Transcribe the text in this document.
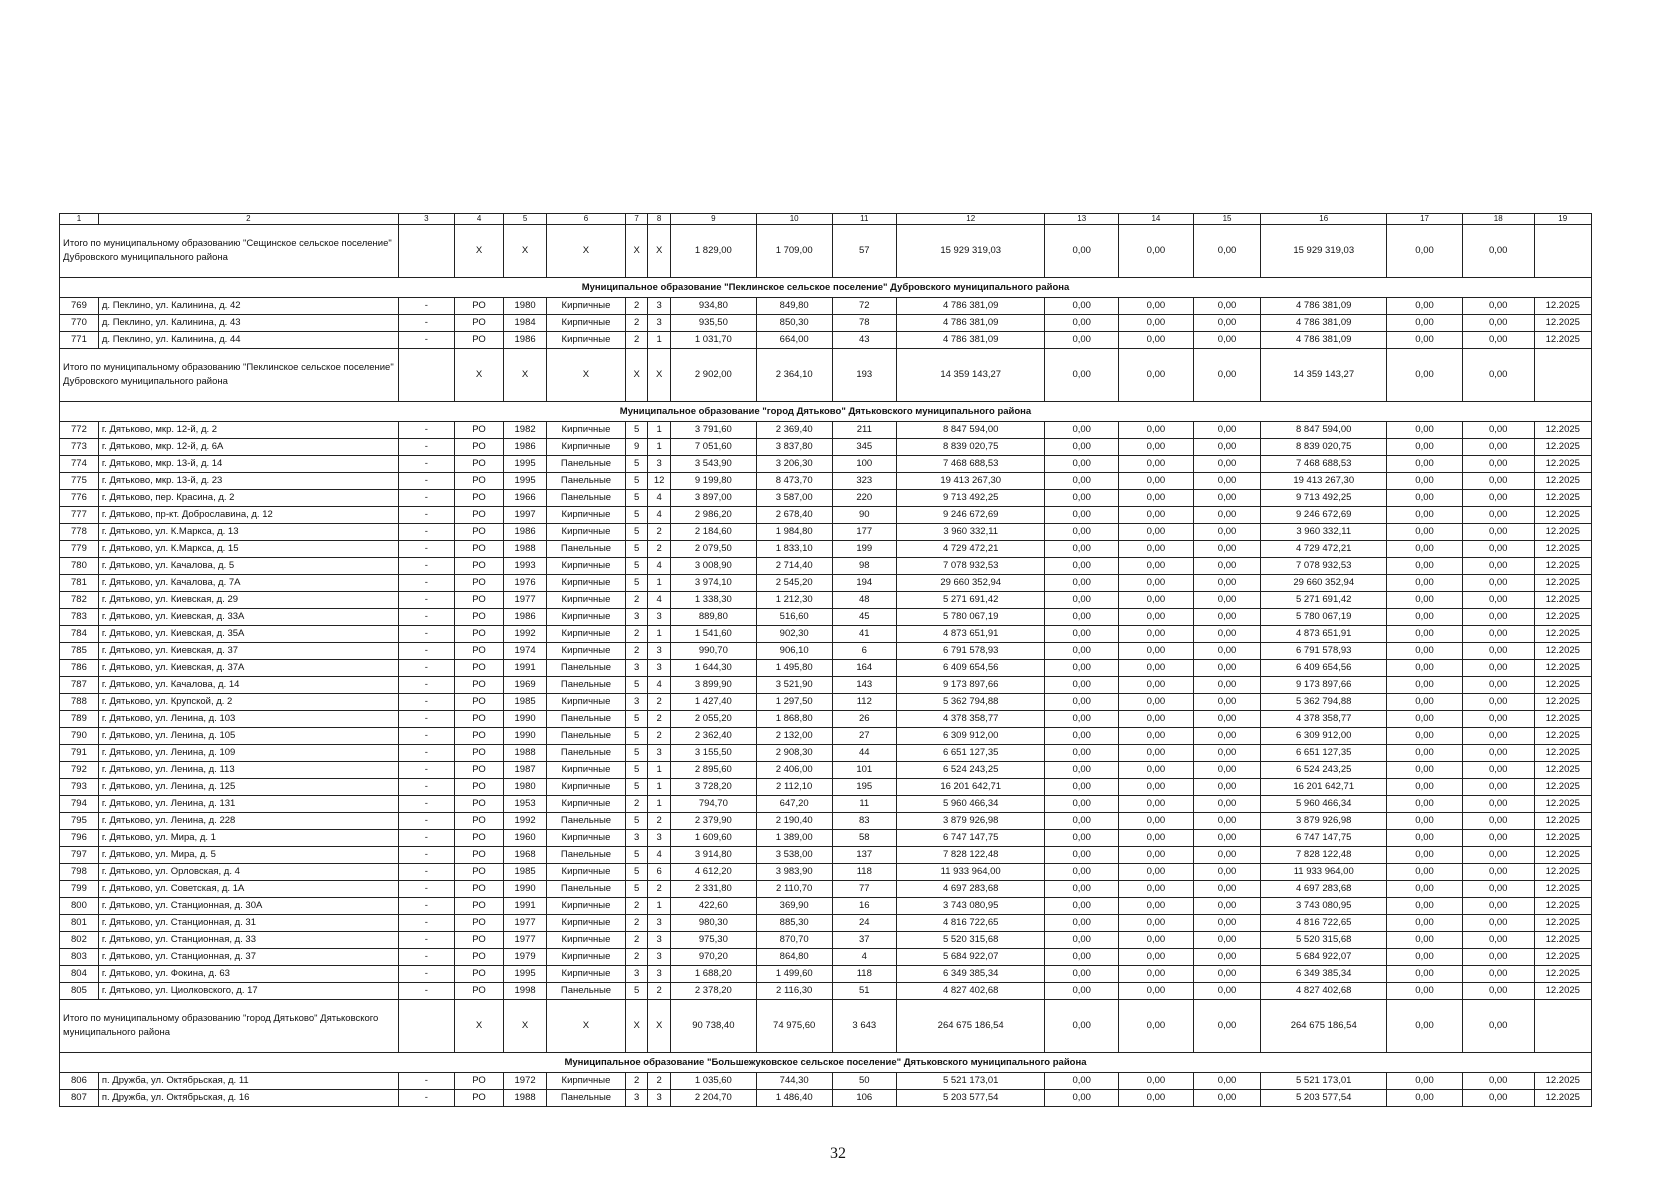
1	2	3	4	5	6	7	8	9	10	11	12	13	14	15	16	17	18	19
Итого по муниципальному образованию "Сещинское сельское поселение" Дубровского муниципального района			X	X	X	X	X	1 829,00	1 709,00	57	15 929 319,03	0,00	0,00	0,00	15 929 319,03	0,00	0,00	
Муниципальное образование "Пеклинское сельское поселение" Дубровского муниципального района																		
769	д. Пеклино, ул. Калинина, д. 42	-	РО	1980	Кирпичные	2	3	934,80	849,80	72	4 786 381,09	0,00	0,00	0,00	4 786 381,09	0,00	0,00	12.2025
770	д. Пеклино, ул. Калинина, д. 43	-	РО	1984	Кирпичные	2	3	935,50	850,30	78	4 786 381,09	0,00	0,00	0,00	4 786 381,09	0,00	0,00	12.2025
771	д. Пеклино, ул. Калинина, д. 44	-	РО	1986	Кирпичные	2	1	1 031,70	664,00	43	4 786 381,09	0,00	0,00	0,00	4 786 381,09	0,00	0,00	12.2025
Итого по муниципальному образованию "Пеклинское сельское поселение" Дубровского муниципального района			X	X	X	X	X	2 902,00	2 364,10	193	14 359 143,27	0,00	0,00	0,00	14 359 143,27	0,00	0,00	
Муниципальное образование "город Дятьково" Дятьковского муниципального района																		
772	г. Дятьково, мкр. 12-й, д. 2	-	РО	1982	Кирпичные	5	1	3 791,60	2 369,40	211	8 847 594,00	0,00	0,00	0,00	8 847 594,00	0,00	0,00	12.2025
773	г. Дятьково, мкр. 12-й, д. 6А	-	РО	1986	Кирпичные	9	1	7 051,60	3 837,80	345	8 839 020,75	0,00	0,00	0,00	8 839 020,75	0,00	0,00	12.2025
774	г. Дятьково, мкр. 13-й, д. 14	-	РО	1995	Панельные	5	3	3 543,90	3 206,30	100	7 468 688,53	0,00	0,00	0,00	7 468 688,53	0,00	0,00	12.2025
775	г. Дятьково, мкр. 13-й, д. 23	-	РО	1995	Панельные	5	12	9 199,80	8 473,70	323	19 413 267,30	0,00	0,00	0,00	19 413 267,30	0,00	0,00	12.2025
776	г. Дятьково, пер. Красина, д. 2	-	РО	1966	Панельные	5	4	3 897,00	3 587,00	220	9 713 492,25	0,00	0,00	0,00	9 713 492,25	0,00	0,00	12.2025
777	г. Дятьково, пр-кт. Доброславина, д. 12	-	РО	1997	Кирпичные	5	4	2 986,20	2 678,40	90	9 246 672,69	0,00	0,00	0,00	9 246 672,69	0,00	0,00	12.2025
778	г. Дятьково, ул. К.Маркса, д. 13	-	РО	1986	Кирпичные	5	2	2 184,60	1 984,80	177	3 960 332,11	0,00	0,00	0,00	3 960 332,11	0,00	0,00	12.2025
779	г. Дятьково, ул. К.Маркса, д. 15	-	РО	1988	Панельные	5	2	2 079,50	1 833,10	199	4 729 472,21	0,00	0,00	0,00	4 729 472,21	0,00	0,00	12.2025
780	г. Дятьково, ул. Качалова, д. 5	-	РО	1993	Кирпичные	5	4	3 008,90	2 714,40	98	7 078 932,53	0,00	0,00	0,00	7 078 932,53	0,00	0,00	12.2025
781	г. Дятьково, ул. Качалова, д. 7А	-	РО	1976	Кирпичные	5	1	3 974,10	2 545,20	194	29 660 352,94	0,00	0,00	0,00	29 660 352,94	0,00	0,00	12.2025
782	г. Дятьково, ул. Киевская, д. 29	-	РО	1977	Кирпичные	2	4	1 338,30	1 212,30	48	5 271 691,42	0,00	0,00	0,00	5 271 691,42	0,00	0,00	12.2025
783	г. Дятьково, ул. Киевская, д. 33А	-	РО	1986	Кирпичные	3	3	889,80	516,60	45	5 780 067,19	0,00	0,00	0,00	5 780 067,19	0,00	0,00	12.2025
784	г. Дятьково, ул. Киевская, д. 35А	-	РО	1992	Кирпичные	2	1	1 541,60	902,30	41	4 873 651,91	0,00	0,00	0,00	4 873 651,91	0,00	0,00	12.2025
785	г. Дятьково, ул. Киевская, д. 37	-	РО	1974	Кирпичные	2	3	990,70	906,10	6	6 791 578,93	0,00	0,00	0,00	6 791 578,93	0,00	0,00	12.2025
786	г. Дятьково, ул. Киевская, д. 37А	-	РО	1991	Панельные	3	3	1 644,30	1 495,80	164	6 409 654,56	0,00	0,00	0,00	6 409 654,56	0,00	0,00	12.2025
787	г. Дятьково, ул. Качалова, д. 14	-	РО	1969	Панельные	5	4	3 899,90	3 521,90	143	9 173 897,66	0,00	0,00	0,00	9 173 897,66	0,00	0,00	12.2025
788	г. Дятьково, ул. Крупской, д. 2	-	РО	1985	Кирпичные	3	2	1 427,40	1 297,50	112	5 362 794,88	0,00	0,00	0,00	5 362 794,88	0,00	0,00	12.2025
789	г. Дятьково, ул. Ленина, д. 103	-	РО	1990	Панельные	5	2	2 055,20	1 868,80	26	4 378 358,77	0,00	0,00	0,00	4 378 358,77	0,00	0,00	12.2025
790	г. Дятьково, ул. Ленина, д. 105	-	РО	1990	Панельные	5	2	2 362,40	2 132,00	27	6 309 912,00	0,00	0,00	0,00	6 309 912,00	0,00	0,00	12.2025
791	г. Дятьково, ул. Ленина, д. 109	-	РО	1988	Панельные	5	3	3 155,50	2 908,30	44	6 651 127,35	0,00	0,00	0,00	6 651 127,35	0,00	0,00	12.2025
792	г. Дятьково, ул. Ленина, д. 113	-	РО	1987	Кирпичные	5	1	2 895,60	2 406,00	101	6 524 243,25	0,00	0,00	0,00	6 524 243,25	0,00	0,00	12.2025
793	г. Дятьково, ул. Ленина, д. 125	-	РО	1980	Кирпичные	5	1	3 728,20	2 112,10	195	16 201 642,71	0,00	0,00	0,00	16 201 642,71	0,00	0,00	12.2025
794	г. Дятьково, ул. Ленина, д. 131	-	РО	1953	Кирпичные	2	1	794,70	647,20	11	5 960 466,34	0,00	0,00	0,00	5 960 466,34	0,00	0,00	12.2025
795	г. Дятьково, ул. Ленина, д. 228	-	РО	1992	Панельные	5	2	2 379,90	2 190,40	83	3 879 926,98	0,00	0,00	0,00	3 879 926,98	0,00	0,00	12.2025
796	г. Дятьково, ул. Мира, д. 1	-	РО	1960	Кирпичные	3	3	1 609,60	1 389,00	58	6 747 147,75	0,00	0,00	0,00	6 747 147,75	0,00	0,00	12.2025
797	г. Дятьково, ул. Мира, д. 5	-	РО	1968	Панельные	5	4	3 914,80	3 538,00	137	7 828 122,48	0,00	0,00	0,00	7 828 122,48	0,00	0,00	12.2025
798	г. Дятьково, ул. Орловская, д. 4	-	РО	1985	Кирпичные	5	6	4 612,20	3 983,90	118	11 933 964,00	0,00	0,00	0,00	11 933 964,00	0,00	0,00	12.2025
799	г. Дятьково, ул. Советская, д. 1А	-	РО	1990	Панельные	5	2	2 331,80	2 110,70	77	4 697 283,68	0,00	0,00	0,00	4 697 283,68	0,00	0,00	12.2025
800	г. Дятьково, ул. Станционная, д. 30А	-	РО	1991	Кирпичные	2	1	422,60	369,90	16	3 743 080,95	0,00	0,00	0,00	3 743 080,95	0,00	0,00	12.2025
801	г. Дятьково, ул. Станционная, д. 31	-	РО	1977	Кирпичные	2	3	980,30	885,30	24	4 816 722,65	0,00	0,00	0,00	4 816 722,65	0,00	0,00	12.2025
802	г. Дятьково, ул. Станционная, д. 33	-	РО	1977	Кирпичные	2	3	975,30	870,70	37	5 520 315,68	0,00	0,00	0,00	5 520 315,68	0,00	0,00	12.2025
803	г. Дятьково, ул. Станционная, д. 37	-	РО	1979	Кирпичные	2	3	970,20	864,80	4	5 684 922,07	0,00	0,00	0,00	5 684 922,07	0,00	0,00	12.2025
804	г. Дятьково, ул. Фокина, д. 63	-	РО	1995	Кирпичные	3	3	1 688,20	1 499,60	118	6 349 385,34	0,00	0,00	0,00	6 349 385,34	0,00	0,00	12.2025
805	г. Дятьково, ул. Циолковского, д. 17	-	РО	1998	Панельные	5	2	2 378,20	2 116,30	51	4 827 402,68	0,00	0,00	0,00	4 827 402,68	0,00	0,00	12.2025
Итого по муниципальному образованию "город Дятьково" Дятьковского муниципального района			X	X	X	X	X	90 738,40	74 975,60	3 643	264 675 186,54	0,00	0,00	0,00	264 675 186,54	0,00	0,00	
Муниципальное образование "Большежуковское сельское поселение" Дятьковского муниципального района																		
806	п. Дружба, ул. Октябрьская, д. 11	-	РО	1972	Кирпичные	2	2	1 035,60	744,30	50	5 521 173,01	0,00	0,00	0,00	5 521 173,01	0,00	0,00	12.2025
807	п. Дружба, ул. Октябрьская, д. 16	-	РО	1988	Панельные	3	3	2 204,70	1 486,40	106	5 203 577,54	0,00	0,00	0,00	5 203 577,54	0,00	0,00	12.2025
32
